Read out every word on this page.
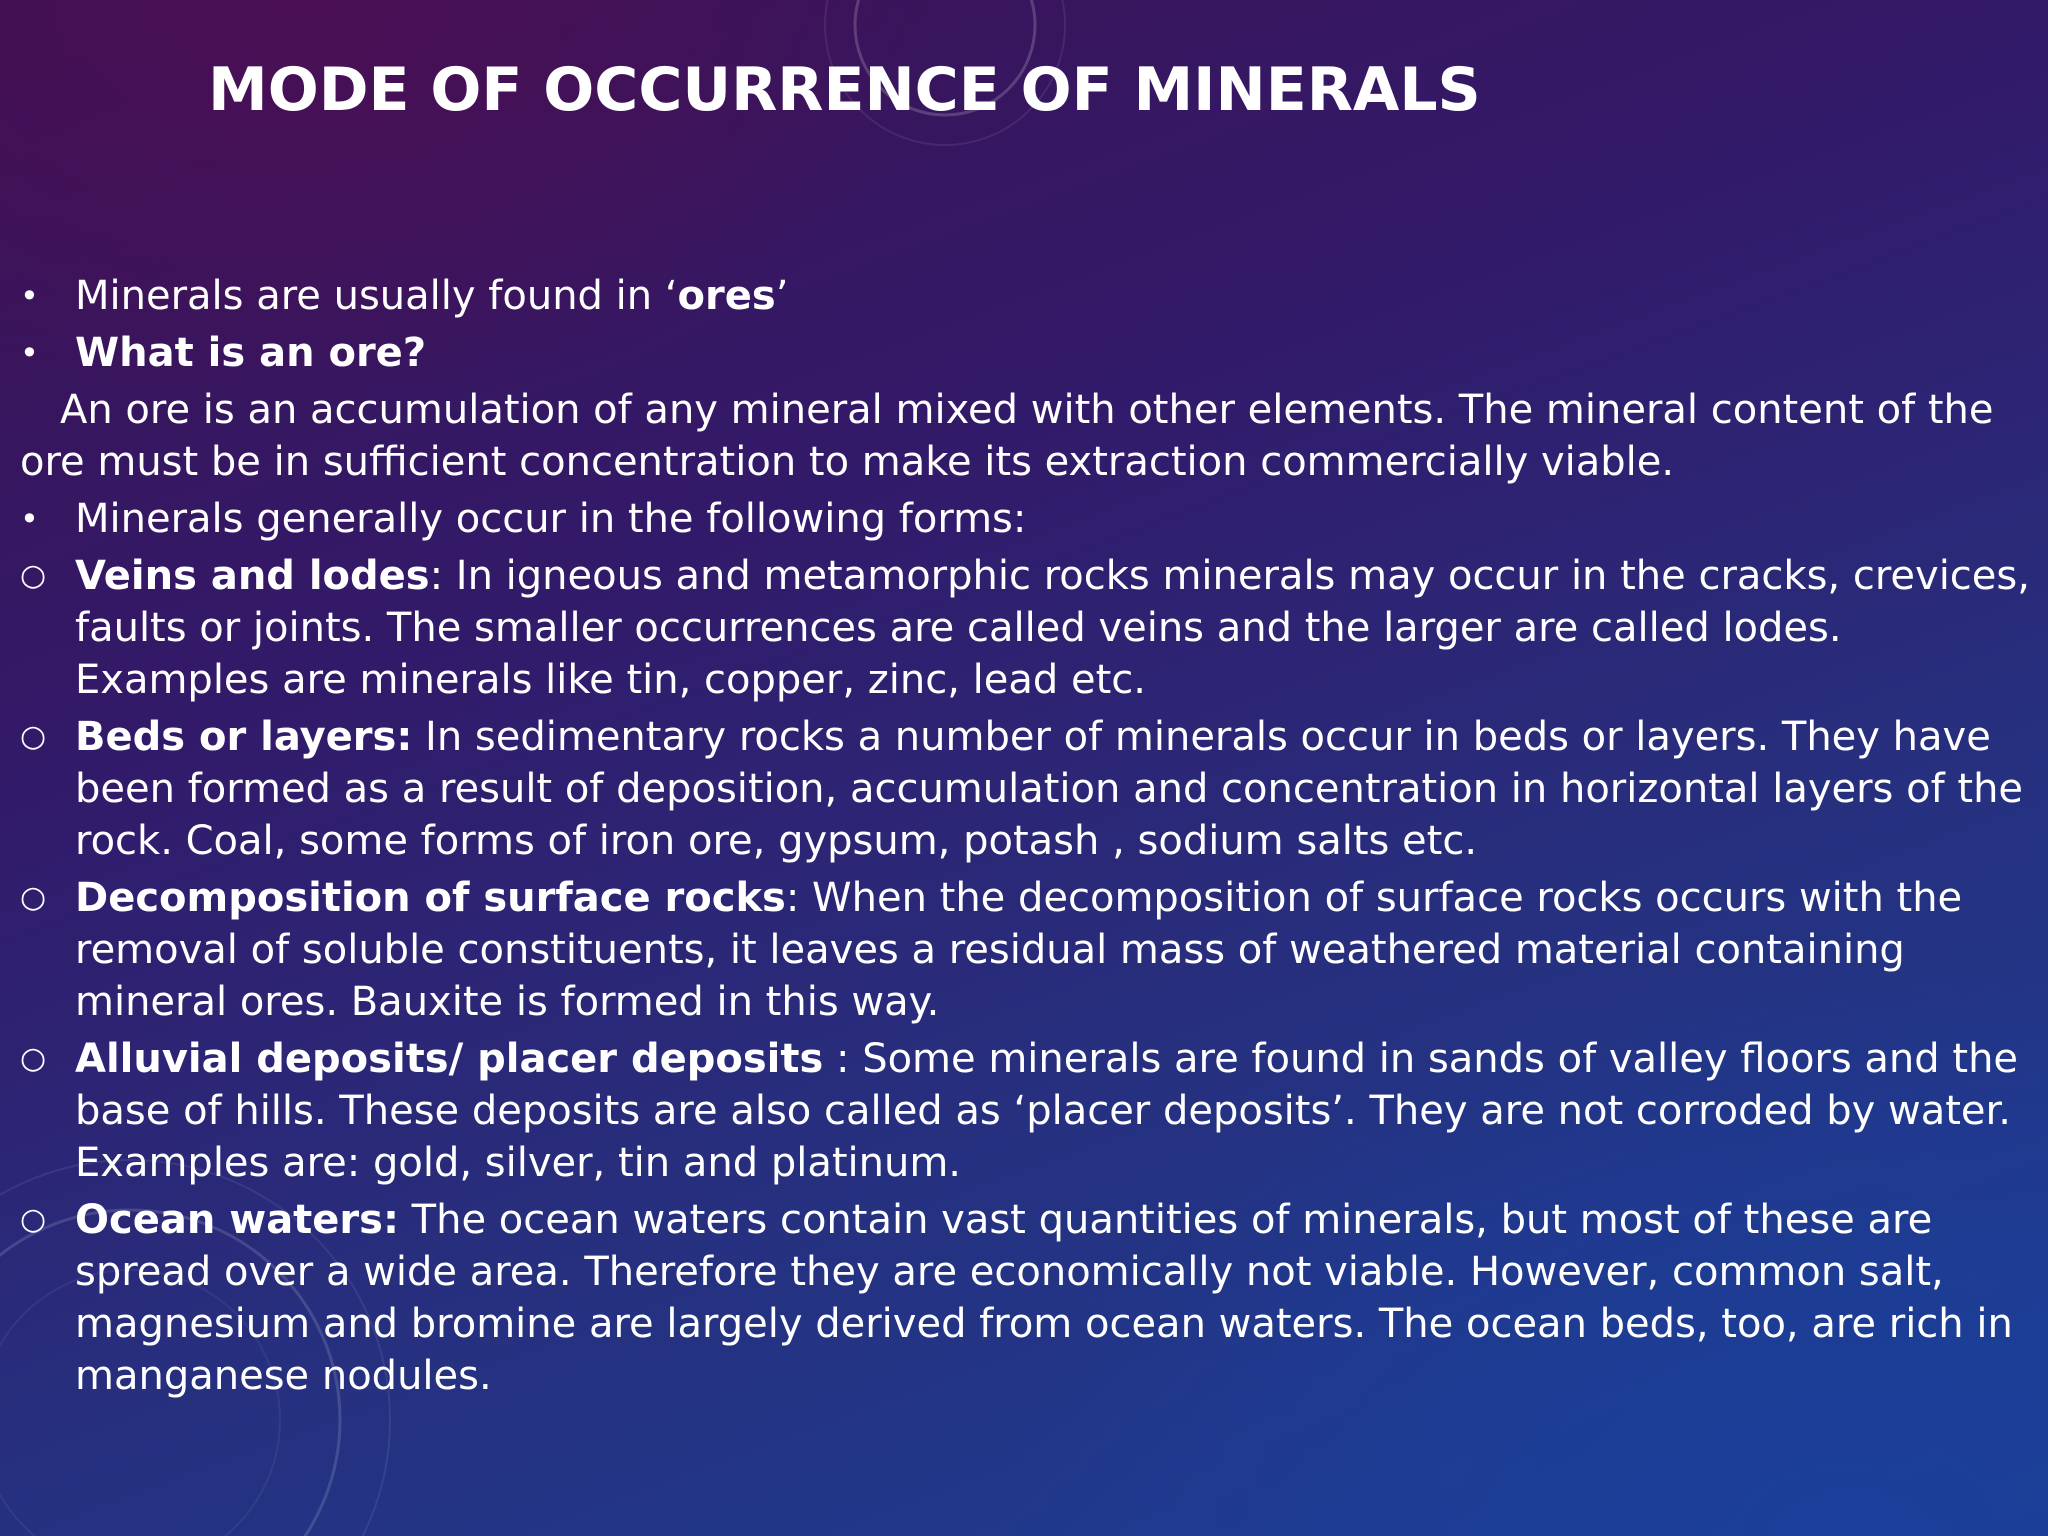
MODE OF OCCURRENCE OF MINERALS
• Minerals are usually found in ‘ores’
• What is an ore?
An ore is an accumulation of any mineral mixed with other elements. The mineral content of the ore must be in sufficient concentration to make its extraction commercially viable.
• Minerals generally occur in the following forms:
○ Veins and lodes: In igneous and metamorphic rocks minerals may occur in the cracks, crevices, faults or joints. The smaller occurrences are called veins and the larger are called lodes. Examples are minerals like tin, copper, zinc, lead etc.
○ Beds or layers: In sedimentary rocks a number of minerals occur in beds or layers. They have been formed as a result of deposition, accumulation and concentration in horizontal layers of the rock. Coal, some forms of iron ore, gypsum, potash , sodium salts etc.
○ Decomposition of surface rocks: When the decomposition of surface rocks occurs with the removal of soluble constituents, it leaves a residual mass of weathered material containing mineral ores. Bauxite is formed in this way.
○ Alluvial deposits/ placer deposits : Some minerals are found in sands of valley floors and the base of hills. These deposits are also called as ‘placer deposits’. They are not corroded by water. Examples are: gold, silver, tin and platinum.
○ Ocean waters: The ocean waters contain vast quantities of minerals, but most of these are spread over a wide area. Therefore they are economically not viable. However, common salt, magnesium and bromine are largely derived from ocean waters. The ocean beds, too, are rich in manganese nodules.
